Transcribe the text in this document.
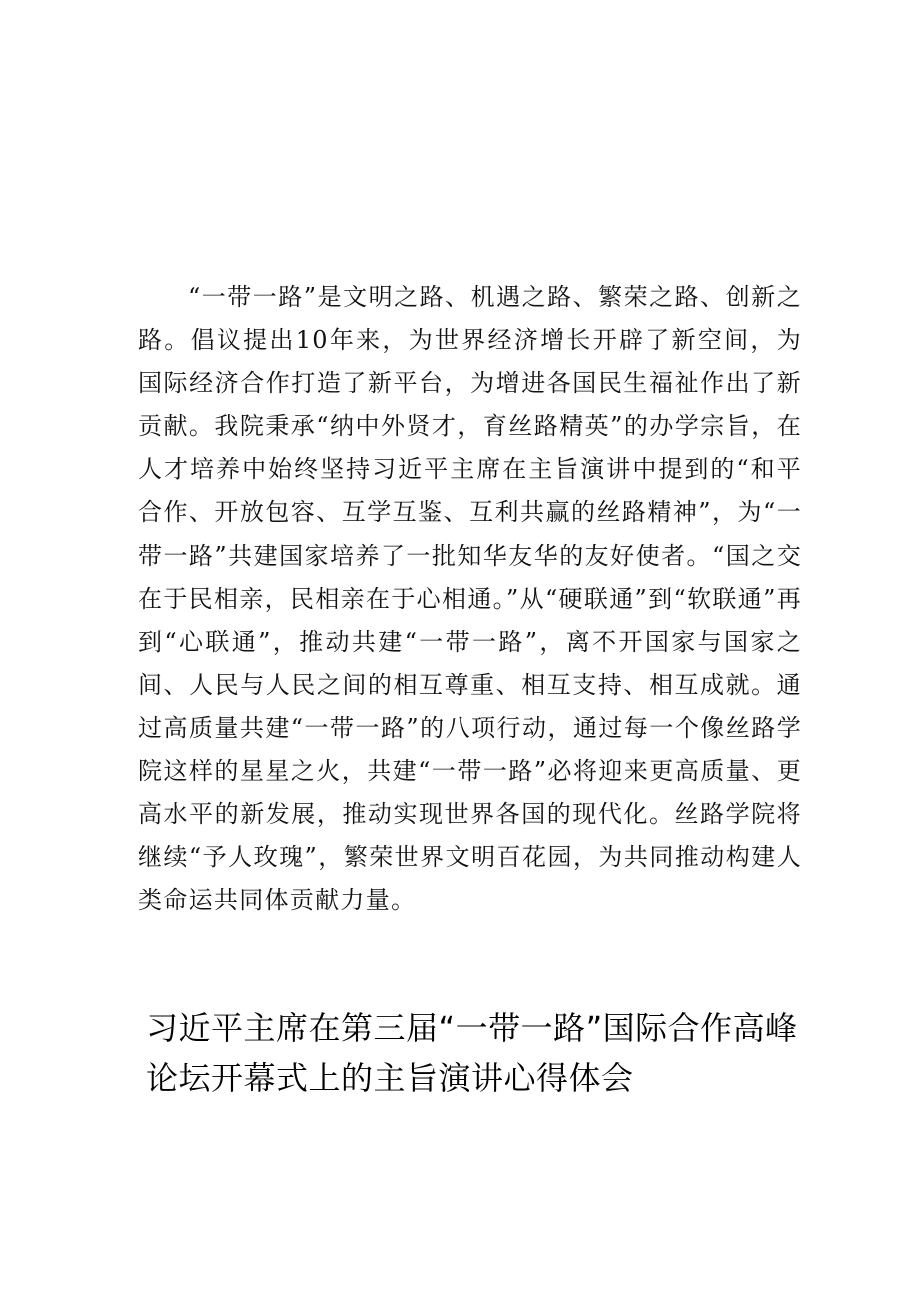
“一带一路”是文明之路、机遇之路、繁荣之路、创新之路。倡议提出10年来，为世界经济增长开辟了新空间，为国际经济合作打造了新平台，为增进各国民生福祉作出了新贡献。我院秉承“纳中外贤才，育丝路精英”的办学宗旨，在人才培养中始终坚持习近平主席在主旨演讲中提到的“和平合作、开放包容、互学互鉴、互利共赢的丝路精神”，为“一带一路”共建国家培养了一批知华友华的友好使者。“国之交在于民相亲，民相亲在于心相通。”从“硬联通”到“软联通”再到“心联通”，推动共建“一带一路”，离不开国家与国家之间、人民与人民之间的相互尊重、相互支持、相互成就。通过高质量共建“一带一路”的八项行动，通过每一个像丝路学院这样的星星之火，共建“一带一路”必将迎来更高质量、更高水平的新发展，推动实现世界各国的现代化。丝路学院将继续“予人玫瑰”，繁荣世界文明百花园，为共同推动构建人类命运共同体贡献力量。

习近平主席在第三届“一带一路”国际合作高峰论坛开幕式上的主旨演讲心得体会
